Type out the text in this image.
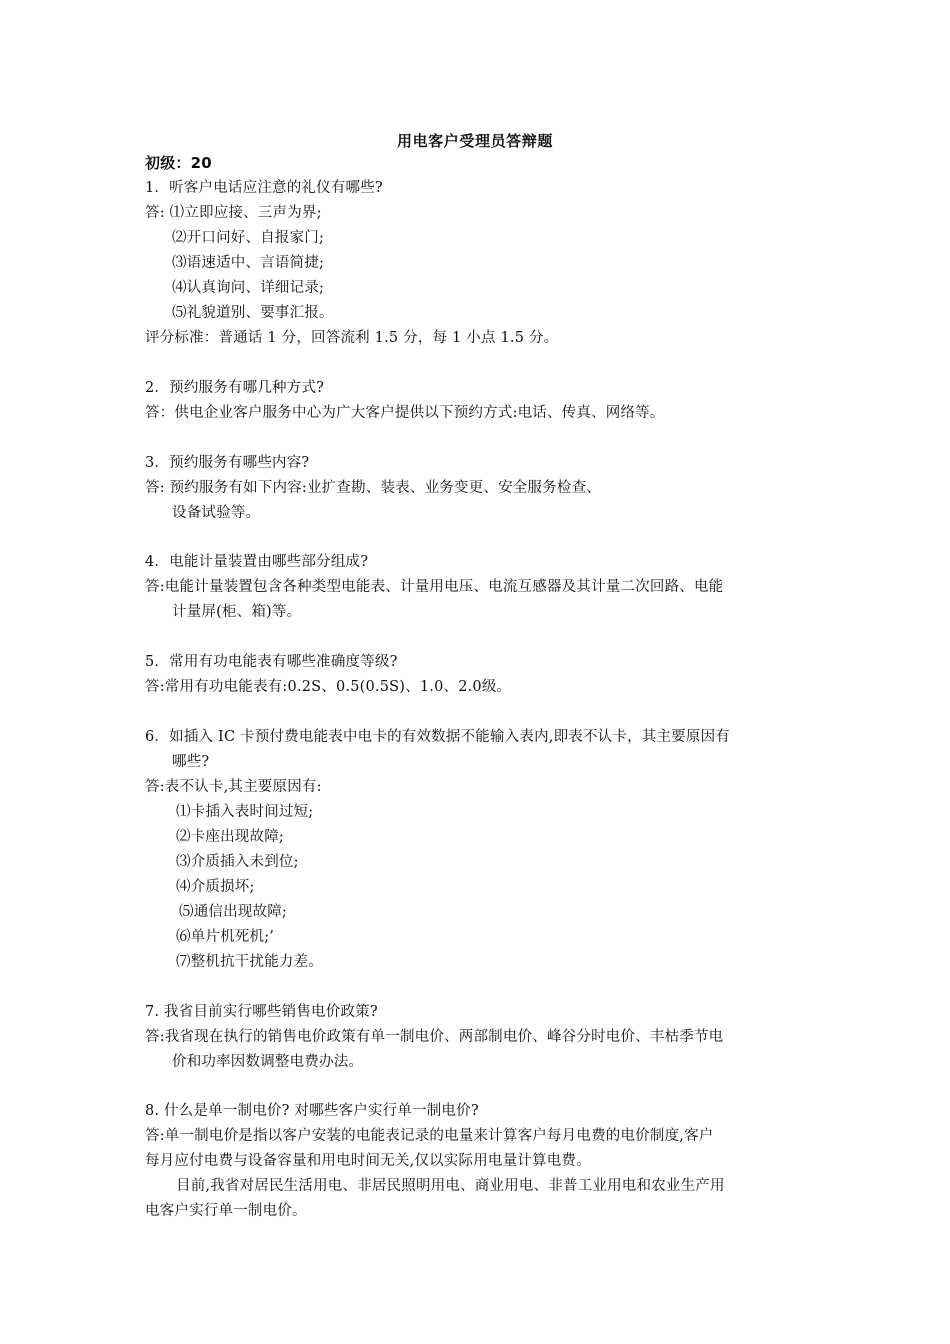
用电客户受理员答辩题
初级：20
1．听客户电话应注意的礼仪有哪些?
答: ⑴立即应接、三声为界;
⑵开口问好、自报家门;
⑶语速适中、言语简捷;
⑷认真询问、详细记录;
⑸礼貌道别、要事汇报。
评分标准：普通话 1 分，回答流利 1.5 分，每 1 小点 1.5 分。
2．预约服务有哪几种方式?
答：供电企业客户服务中心为广大客户提供以下预约方式:电话、传真、网络等。
3．预约服务有哪些内容?
答: 预约服务有如下内容:业扩查勘、装表、业务变更、安全服务检查、
设备试验等。
4．电能计量装置由哪些部分组成?
答:电能计量装置包含各种类型电能表、计量用电压、电流互感器及其计量二次回路、电能
计量屏(柜、箱)等。
5．常用有功电能表有哪些准确度等级?
答:常用有功电能表有:0.2S、0.5(0.5S)、1.0、2.0级。
6．如插入 IC 卡预付费电能表中电卡的有效数据不能输入表内,即表不认卡，其主要原因有
哪些?
答:表不认卡,其主要原因有:
⑴卡插入表时间过短;
⑵卡座出现故障;
⑶介质插入未到位;
⑷介质损坏;
⑸通信出现故障;
⑹单片机死机;’
⑺整机抗干扰能力差。
7. 我省目前实行哪些销售电价政策?
答:我省现在执行的销售电价政策有单一制电价、两部制电价、峰谷分时电价、丰枯季节电
价和功率因数调整电费办法。
8. 什么是单一制电价? 对哪些客户实行单一制电价?
答:单一制电价是指以客户安装的电能表记录的电量来计算客户每月电费的电价制度,客户
每月应付电费与设备容量和用电时间无关,仅以实际用电量计算电费。
目前,我省对居民生活用电、非居民照明用电、商业用电、非普工业用电和农业生产用
电客户实行单一制电价。
